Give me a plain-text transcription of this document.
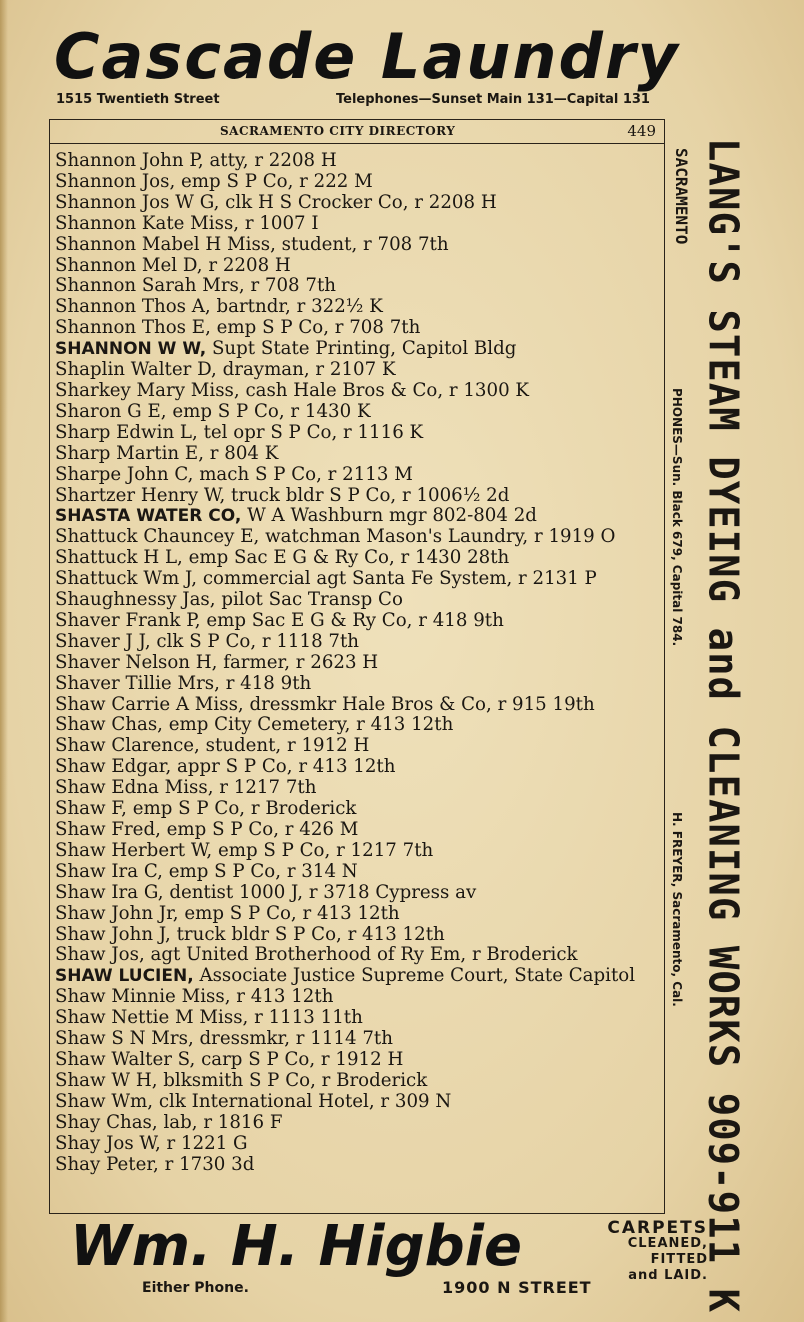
Cascade Laundry
1515 Twentieth Street	Telephones—Sunset Main 131—Capital 131
SACRAMENTO CITY DIRECTORY	449
Shannon John P, atty, r 2208 H
Shannon Jos, emp S P Co, r 222 M
Shannon Jos W G, clk H S Crocker Co, r 2208 H
Shannon Kate Miss, r 1007 I
Shannon Mabel H Miss, student, r 708 7th
Shannon Mel D, r 2208 H
Shannon Sarah Mrs, r 708 7th
Shannon Thos A, bartndr, r 322½ K
Shannon Thos E, emp S P Co, r 708 7th
SHANNON W W, Supt State Printing, Capitol Bldg
Shaplin Walter D, drayman, r 2107 K
Sharkey Mary Miss, cash Hale Bros & Co, r 1300 K
Sharon G E, emp S P Co, r 1430 K
Sharp Edwin L, tel opr S P Co, r 1116 K
Sharp Martin E, r 804 K
Sharpe John C, mach S P Co, r 2113 M
Shartzer Henry W, truck bldr S P Co, r 1006½ 2d
SHASTA WATER CO, W A Washburn mgr 802-804 2d
Shattuck Chauncey E, watchman Mason's Laundry, r 1919 O
Shattuck H L, emp Sac E G & Ry Co, r 1430 28th
Shattuck Wm J, commercial agt Santa Fe System, r 2131 P
Shaughnessy Jas, pilot Sac Transp Co
Shaver Frank P, emp Sac E G & Ry Co, r 418 9th
Shaver J J, clk S P Co, r 1118 7th
Shaver Nelson H, farmer, r 2623 H
Shaver Tillie Mrs, r 418 9th
Shaw Carrie A Miss, dressmkr Hale Bros & Co, r 915 19th
Shaw Chas, emp City Cemetery, r 413 12th
Shaw Clarence, student, r 1912 H
Shaw Edgar, appr S P Co, r 413 12th
Shaw Edna Miss, r 1217 7th
Shaw F, emp S P Co, r Broderick
Shaw Fred, emp S P Co, r 426 M
Shaw Herbert W, emp S P Co, r 1217 7th
Shaw Ira C, emp S P Co, r 314 N
Shaw Ira G, dentist 1000 J, r 3718 Cypress av
Shaw John Jr, emp S P Co, r 413 12th
Shaw John J, truck bldr S P Co, r 413 12th
Shaw Jos, agt United Brotherhood of Ry Em, r Broderick
SHAW LUCIEN, Associate Justice Supreme Court, State Capitol
Shaw Minnie Miss, r 413 12th
Shaw Nettie M Miss, r 1113 11th
Shaw S N Mrs, dressmkr, r 1114 7th
Shaw Walter S, carp S P Co, r 1912 H
Shaw W H, blksmith S P Co, r Broderick
Shaw Wm, clk International Hotel, r 309 N
Shay Chas, lab, r 1816 F
Shay Jos W, r 1221 G
Shay Peter, r 1730 3d	LANG'S STEAM DYEING and CLEANING WORKS 909-911 K
SACRAMENTO
PHONES—Sun. Black 679, Capital 784.
H. FREYER, Sacramento, Cal.
Wm. H. Higbie
Either Phone.	1900 N STREET
CARPETS
CLEANED,
FITTED
and LAID.
